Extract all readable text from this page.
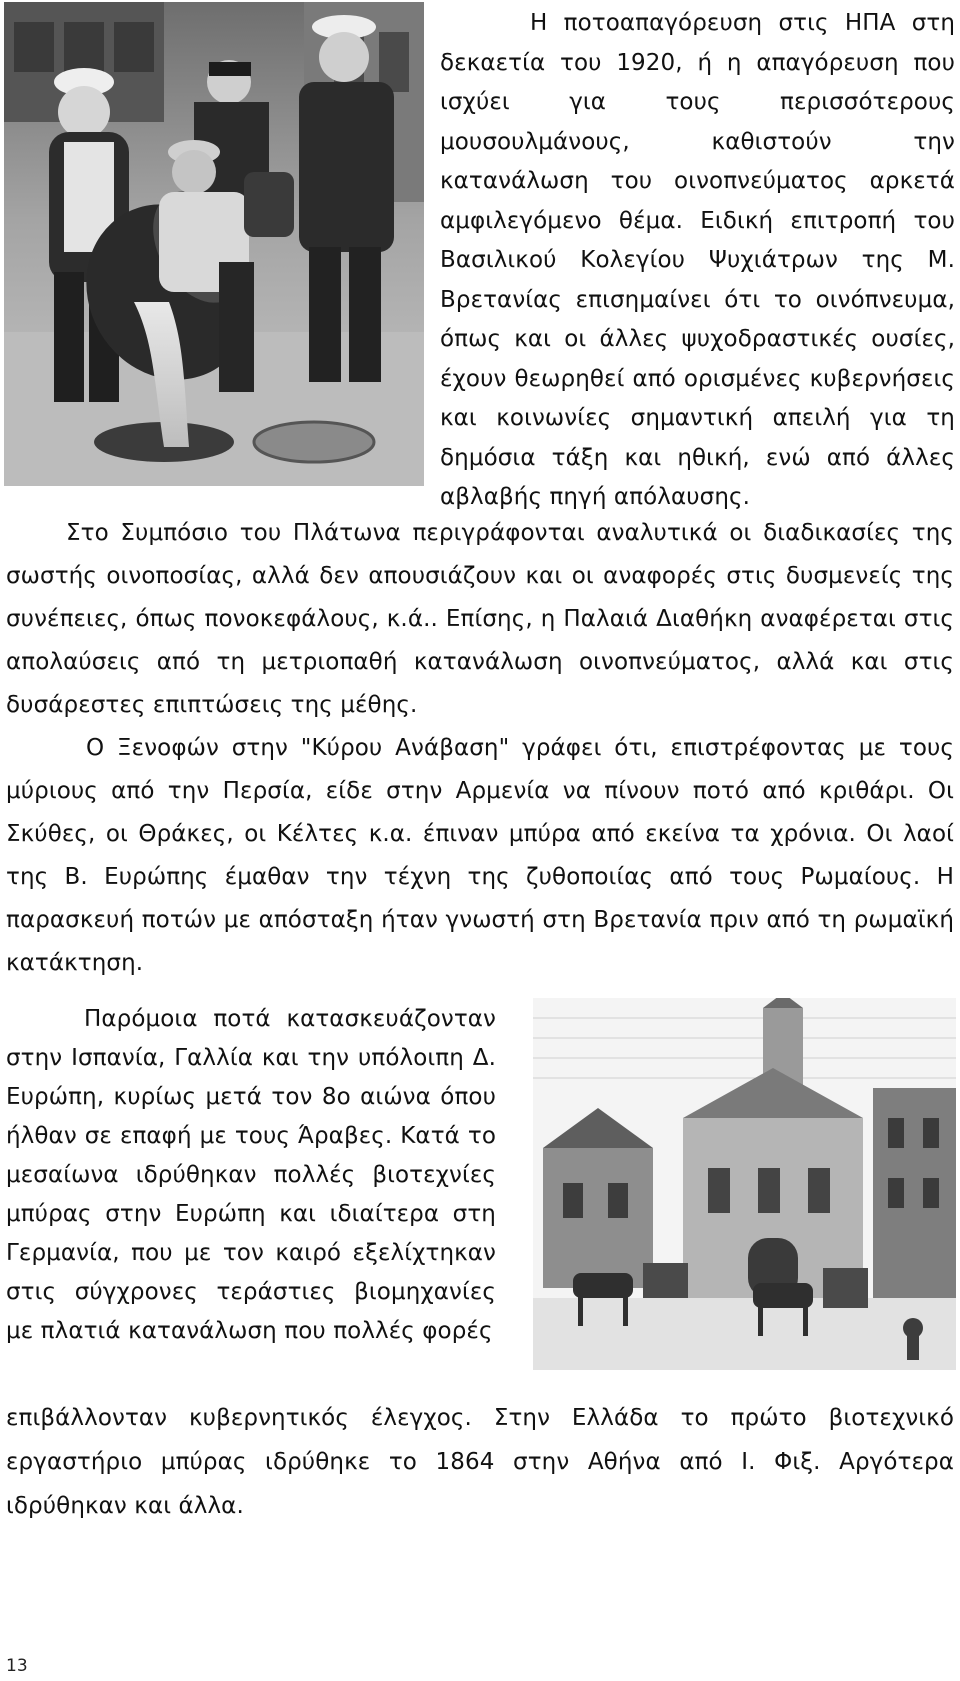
Η ποτοαπαγόρευση στις ΗΠΑ στη δεκαετία του 1920, ή η απαγόρευση που ισχύει για τους περισσότερους μουσουλμάνους, καθιστούν την κατανάλωση του οινοπνεύματος αρκετά αμφιλεγόμενο θέμα. Ειδική επιτροπή του Βασιλικού Κολεγίου Ψυχιάτρων της Μ. Βρετανίας επισημαίνει ότι το οινόπνευμα, όπως και οι άλλες ψυχοδραστικές ουσίες, έχουν θεωρηθεί από ορισμένες κυβερνήσεις και κοινωνίες σημαντική απειλή για τη δημόσια τάξη και ηθική, ενώ από άλλες αβλαβής πηγή απόλαυσης.

Στο Συμπόσιο του Πλάτωνα περιγράφονται αναλυτικά οι διαδικασίες της σωστής οινοποσίας, αλλά δεν απουσιάζουν και οι αναφορές στις δυσμενείς της συνέπειες, όπως πονοκεφάλους, κ.ά.. Επίσης, η Παλαιά Διαθήκη αναφέρεται στις απολαύσεις από τη μετριοπαθή κατανάλωση οινοπνεύματος, αλλά και στις δυσάρεστες επιπτώσεις της μέθης.

Ο Ξενοφών στην "Κύρου Ανάβαση" γράφει ότι, επιστρέφοντας με τους μύριους από την Περσία, είδε στην Αρμενία να πίνουν ποτό από κριθάρι. Οι Σκύθες, οι Θράκες, οι Κέλτες κ.α. έπιναν μπύρα από εκείνα τα χρόνια. Οι λαοί της Β. Ευρώπης έμαθαν την τέχνη της ζυθοποιίας από τους Ρωμαίους. Η παρασκευή ποτών με απόσταξη ήταν γνωστή στη Βρετανία πριν από τη ρωμαϊκή κατάκτηση.

Παρόμοια ποτά κατασκευάζονταν στην Ισπανία, Γαλλία και την υπόλοιπη Δ. Ευρώπη, κυρίως μετά τον 8ο αιώνα όπου ήλθαν σε επαφή με τους Άραβες. Κατά το μεσαίωνα ιδρύθηκαν πολλές βιοτεχνίες μπύρας στην Ευρώπη και ιδιαίτερα στη Γερμανία, που με τον καιρό εξελίχτηκαν στις σύγχρονες τεράστιες βιομηχανίες με πλατιά κατανάλωση που πολλές φορές

επιβάλλονταν κυβερνητικός έλεγχος. Στην Ελλάδα το πρώτο βιοτεχνικό εργαστήριο μπύρας ιδρύθηκε το 1864 στην Αθήνα από Ι. Φιξ. Αργότερα ιδρύθηκαν και άλλα.

13
